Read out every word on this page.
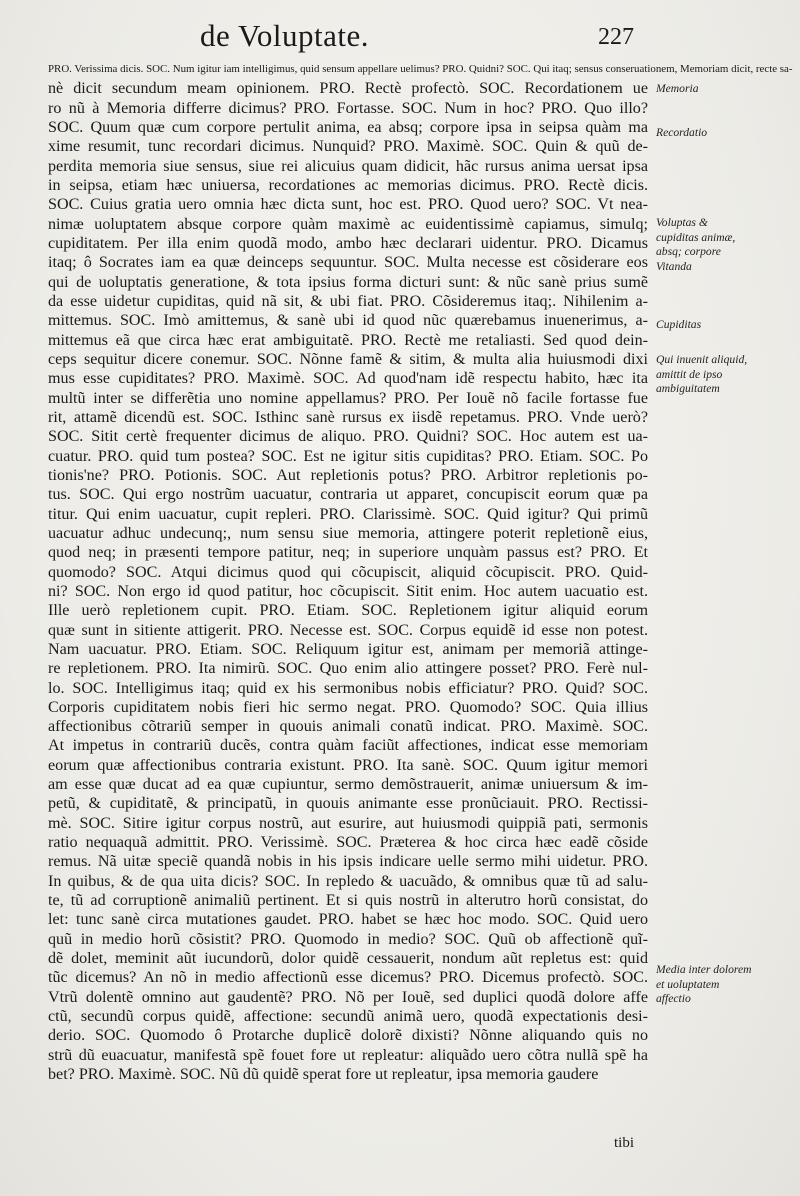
de Voluptate.	227

PRO. Verissima dicis. SOC. Num igitur iam intelligimus, quid sensum appellare uelimus? PRO. Quidni? SOC. Qui itaq; sensus conseruationem, Memoriam dicit, recte sa-

nè dicit secundum meam opinionem. PRO. Rectè profectò. SOC. Recordationem ue

ro nũ à Memoria differre dicimus? PRO. Fortasse. SOC. Num in hoc? PRO. Quo illo?

SOC. Quum quæ cum corpore pertulit anima, ea absq; corpore ipsa in seipsa quàm ma

xime resumit, tunc recordari dicimus. Nunquid? PRO. Maximè. SOC. Quin & quũ de-

perdita memoria siue sensus, siue rei alicuius quam didicit, hãc rursus anima uersat ipsa

in seipsa, etiam hæc uniuersa, recordationes ac memorias dicimus. PRO. Rectè dicis.

SOC. Cuius gratia uero omnia hæc dicta sunt, hoc est. PRO. Quod uero? SOC. Vt nea-

nimæ uoluptatem absque corpore quàm maximè ac euidentissimè capiamus, simulq;

cupiditatem. Per illa enim quodã modo, ambo hæc declarari uidentur. PRO. Dicamus

itaq; ô Socrates iam ea quæ deinceps sequuntur. SOC. Multa necesse est cõsiderare eos

qui de uoluptatis generatione, & tota ipsius forma dicturi sunt: & nũc sanè prius sumẽ

da esse uidetur cupiditas, quid nã sit, & ubi fiat. PRO. Cõsideremus itaq;. Nihilenim a-

mittemus. SOC. Imò amittemus, & sanè ubi id quod nũc quærebamus inuenerimus, a-

mittemus eã que circa hæc erat ambiguitatẽ. PRO. Rectè me retaliasti. Sed quod dein-

ceps sequitur dicere conemur. SOC. Nõnne famẽ & sitim, & multa alia huiusmodi dixi

mus esse cupiditates? PRO. Maximè. SOC. Ad quod'nam idẽ respectu habito, hæc ita

multũ inter se differẽtia uno nomine appellamus? PRO. Per Iouẽ nõ facile fortasse fue

rit, attamẽ dicendũ est. SOC. Isthinc sanè rursus ex iisdẽ repetamus. PRO. Vnde uerò?

SOC. Sitit certè frequenter dicimus de aliquo. PRO. Quidni? SOC. Hoc autem est ua-

cuatur. PRO. quid tum postea? SOC. Est ne igitur sitis cupiditas? PRO. Etiam. SOC. Po

tionis'ne? PRO. Potionis. SOC. Aut repletionis potus? PRO. Arbitror repletionis po-

tus. SOC. Qui ergo nostrũm uacuatur, contraria ut apparet, concupiscit eorum quæ pa

titur. Qui enim uacuatur, cupit repleri. PRO. Clarissimè. SOC. Quid igitur? Qui primũ

uacuatur adhuc undecunq;, num sensu siue memoria, attingere poterit repletionẽ eius,

quod neq; in præsenti tempore patitur, neq; in superiore unquàm passus est? PRO. Et

quomodo? SOC. Atqui dicimus quod qui cõcupiscit, aliquid cõcupiscit. PRO. Quid-

ni? SOC. Non ergo id quod patitur, hoc cõcupiscit. Sitit enim. Hoc autem uacuatio est.

Ille uerò repletionem cupit. PRO. Etiam. SOC. Repletionem igitur aliquid eorum

quæ sunt in sitiente attigerit. PRO. Necesse est. SOC. Corpus equidẽ id esse non potest.

Nam uacuatur. PRO. Etiam. SOC. Reliquum igitur est, animam per memoriã attinge-

re repletionem. PRO. Ita nimirũ. SOC. Quo enim alio attingere posset? PRO. Ferè nul-

lo. SOC. Intelligimus itaq; quid ex his sermonibus nobis efficiatur? PRO. Quid? SOC.

Corporis cupiditatem nobis fieri hic sermo negat. PRO. Quomodo? SOC. Quia illius

affectionibus cõtrariũ semper in quouis animali conatũ indicat. PRO. Maximè. SOC.

At impetus in contrariũ ducẽs, contra quàm faciũt affectiones, indicat esse memoriam

eorum quæ affectionibus contraria existunt. PRO. Ita sanè. SOC. Quum igitur memori

am esse quæ ducat ad ea quæ cupiuntur, sermo demõstrauerit, animæ uniuersum & im-

petũ, & cupiditatẽ, & principatũ, in quouis animante esse pronũciauit. PRO. Rectissi-

mè. SOC. Sitire igitur corpus nostrũ, aut esurire, aut huiusmodi quippiã pati, sermonis

ratio nequaquã admittit. PRO. Verissimè. SOC. Præterea & hoc circa hæc eadẽ cõside

remus. Nã uitæ speciẽ quandã nobis in his ipsis indicare uelle sermo mihi uidetur. PRO.

In quibus, & de qua uita dicis? SOC. In repledo & uacuãdo, & omnibus quæ tũ ad salu-

te, tũ ad corruptionẽ animaliũ pertinent. Et si quis nostrũ in alterutro horũ consistat, do

let: tunc sanè circa mutationes gaudet. PRO. habet se hæc hoc modo. SOC. Quid uero

quũ in medio horũ cõsistit? PRO. Quomodo in medio? SOC. Quũ ob affectionẽ quĩ-

dẽ dolet, meminit aũt iucundorũ, dolor quidẽ cessauerit, nondum aũt repletus est: quid

tũc dicemus? An nõ in medio affectionũ esse dicemus? PRO. Dicemus profectò. SOC.

Vtrũ dolentẽ omnino aut gaudentẽ? PRO. Nõ per Iouẽ, sed duplici quodã dolore affe

ctũ, secundũ corpus quidẽ, affectione: secundũ animã uero, quodã expectationis desi-

derio. SOC. Quomodo ô Protarche duplicẽ dolorẽ dixisti? Nõnne aliquando quis no

strũ dũ euacuatur, manifestã spẽ fouet fore ut repleatur: aliquãdo uero cõtra nullã spẽ ha

bet? PRO. Maximè. SOC. Nũ dũ quidẽ sperat fore ut repleatur, ipsa memoria gaudere

Memoria
Recordatio
Voluptas & cupiditas animæ, absq; corpore Vitanda
Cupiditas
Qui inuenit aliquid, amittit de ipso ambiguitatem
Media inter dolorem et uoluptatem affectio
tibi
